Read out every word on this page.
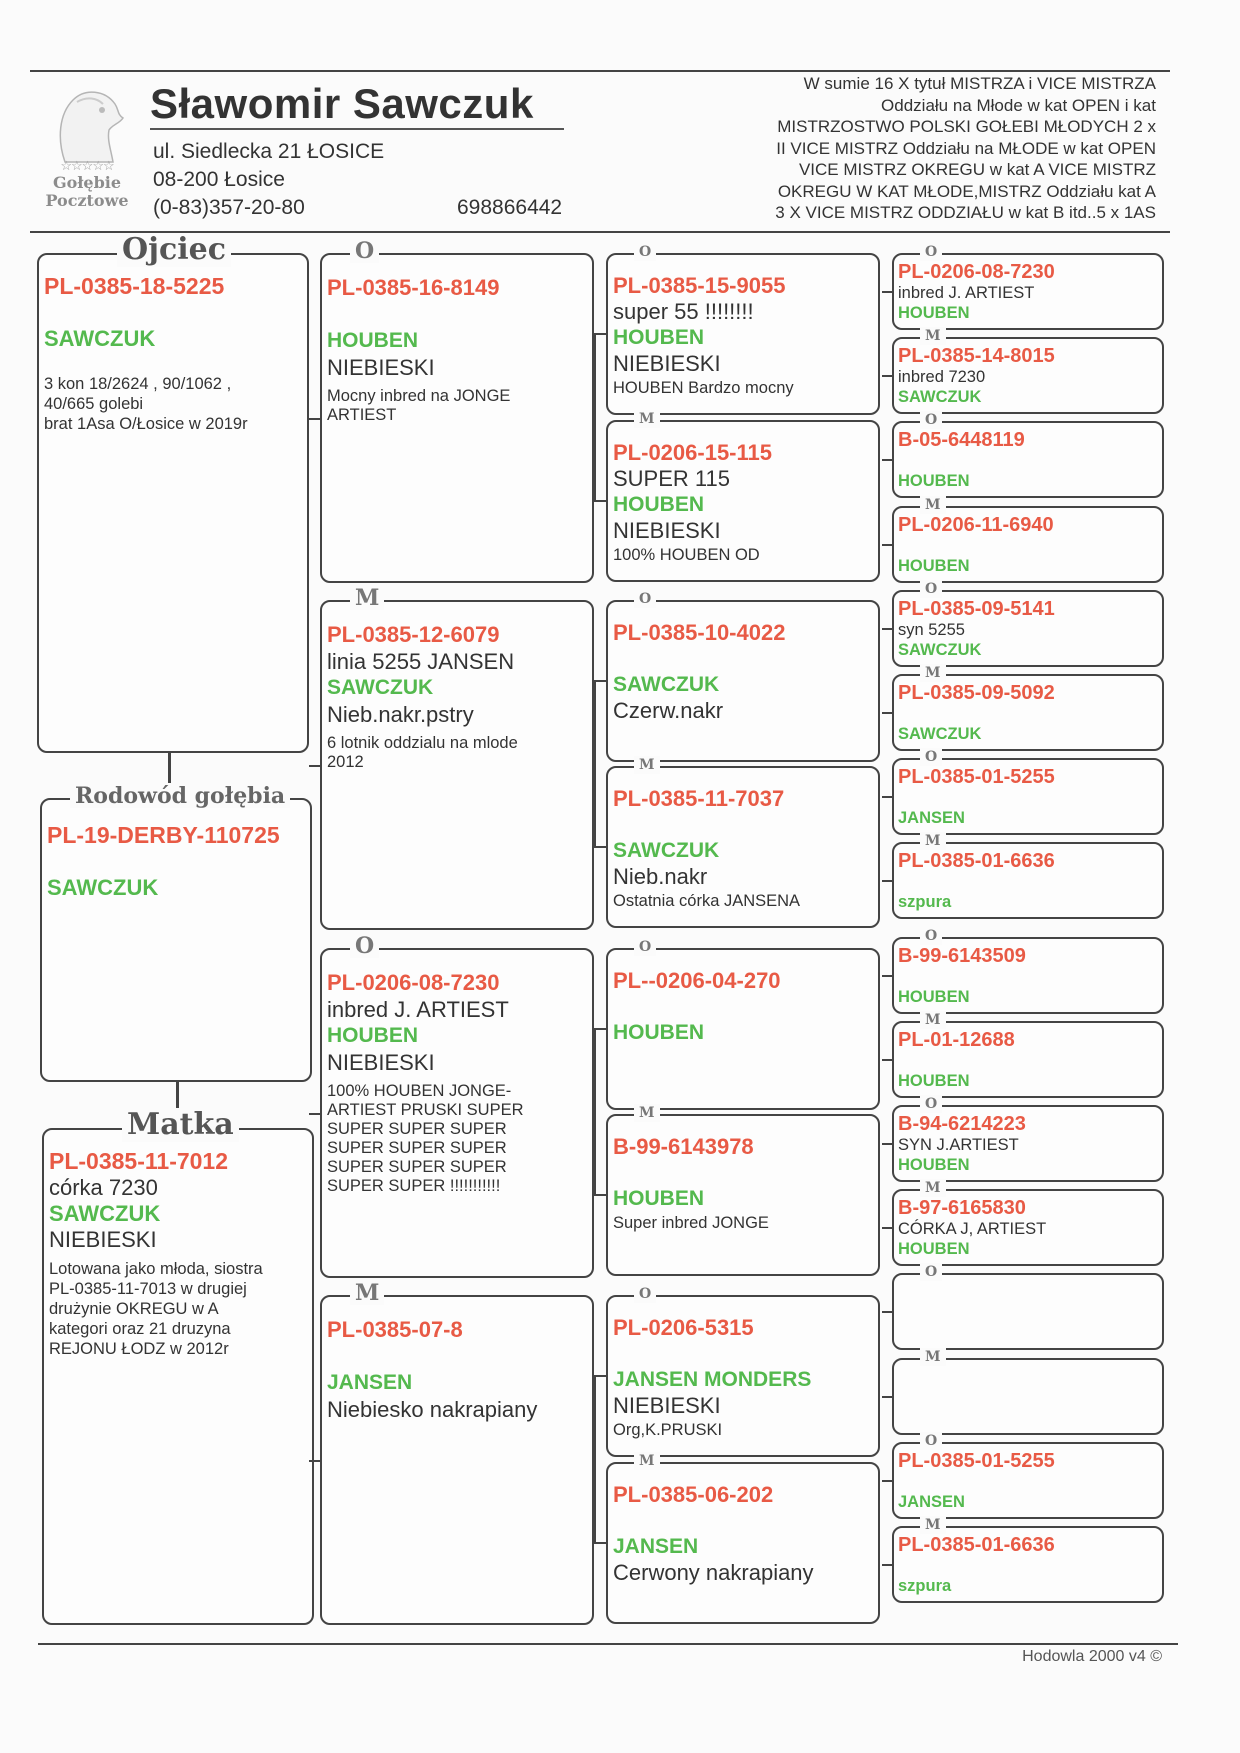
☆☆☆☆☆
Gołębie
Pocztowe
Sławomir Sawczuk
ul. Siedlecka 21 ŁOSICE
08-200 Łosice
(0-83)357-20-80	698866442
W sumie 16 X tytuł MISTRZA i VICE MISTRZA
Oddziału na Młode w kat OPEN i kat
MISTRZOSTWO POLSKI GOŁEBI MŁODYCH 2 x
II VICE MISTRZ Oddziału na MŁODE w kat OPEN
VICE MISTRZ OKREGU w kat A VICE MISTRZ
OKREGU W KAT MŁODE,MISTRZ Oddziału kat A
3 X VICE MISTRZ ODDZIAŁU w kat B itd..5 x 1AS
Ojciec
PL-0385-18-5225
SAWCZUK
3 kon 18/2624 , 90/1062 ,
40/665 golebi
brat 1Asa O/Łosice w 2019r
Rodowód gołębia
PL-19-DERBY-110725
SAWCZUK
Matka
PL-0385-11-7012
córka 7230
SAWCZUK
NIEBIESKI
Lotowana jako młoda, siostra
PL-0385-11-7013 w drugiej
drużynie OKREGU w A
kategori oraz 21 druzyna
REJONU ŁODZ w 2012r
O
PL-0385-16-8149
HOUBEN
NIEBIESKI
Mocny inbred na JONGE
ARTIEST
M
PL-0385-12-6079
linia 5255 JANSEN
SAWCZUK
Nieb.nakr.pstry
6 lotnik oddzialu na mlode
2012
O
PL-0206-08-7230
inbred J. ARTIEST
HOUBEN
NIEBIESKI
100% HOUBEN JONGE-
ARTIEST PRUSKI SUPER
SUPER SUPER SUPER
SUPER SUPER SUPER
SUPER SUPER SUPER
SUPER SUPER !!!!!!!!!!!
M
PL-0385-07-8
JANSEN
Niebiesko nakrapiany
O
PL-0385-15-9055
super 55 !!!!!!!!
HOUBEN
NIEBIESKI
HOUBEN Bardzo mocny
M
PL-0206-15-115
SUPER 115
HOUBEN
NIEBIESKI
100% HOUBEN OD
O
PL-0385-10-4022
SAWCZUK
Czerw.nakr
M
PL-0385-11-7037
SAWCZUK
Nieb.nakr
Ostatnia córka JANSENA
O
PL--0206-04-270
HOUBEN
M
B-99-6143978
HOUBEN
Super inbred JONGE
O
PL-0206-5315
JANSEN MONDERS
NIEBIESKI
Org,K.PRUSKI
M
PL-0385-06-202
JANSEN
Cerwony nakrapiany
O
PL-0206-08-7230
inbred J. ARTIEST
HOUBEN
M
PL-0385-14-8015
inbred 7230
SAWCZUK
O
B-05-6448119
HOUBEN
M
PL-0206-11-6940
HOUBEN
O
PL-0385-09-5141
syn 5255
SAWCZUK
M
PL-0385-09-5092
SAWCZUK
O
PL-0385-01-5255
JANSEN
M
PL-0385-01-6636
szpura
O
B-99-6143509
HOUBEN
M
PL-01-12688
HOUBEN
O
B-94-6214223
SYN J.ARTIEST
HOUBEN
M
B-97-6165830
CÓRKA J, ARTIEST
HOUBEN
O
M
O
PL-0385-01-5255
JANSEN
M
PL-0385-01-6636
szpura
Hodowla 2000 v4 ©
